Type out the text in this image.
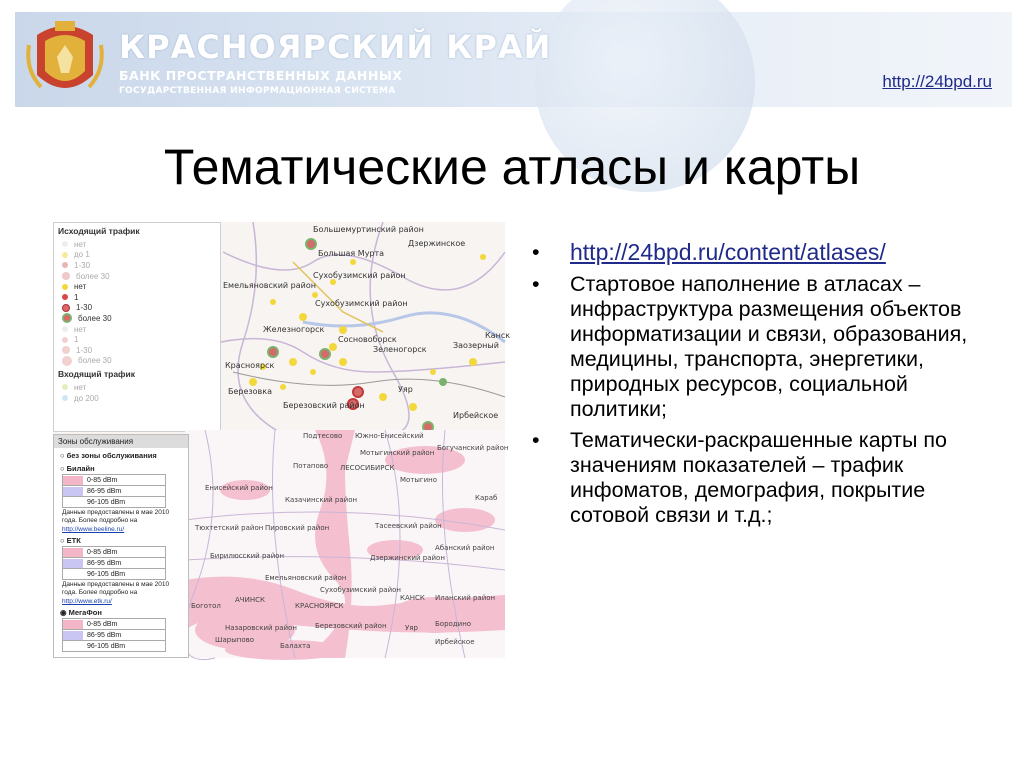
КРАСНОЯРСКИЙ КРАЙ
БАНК ПРОСТРАНСТВЕННЫХ ДАННЫХ
ГОСУДАРСТВЕННАЯ ИНФОРМАЦИОННАЯ СИСТЕМА	http://24bpd.ru
Тематические атласы и карты
Большемуртинский район
Большая Мурта
Дзержинское
Сухобузимский район
Емельяновский район
Сухобузимский район
Железногорск
Зеленогорск	Заозерный
Красноярск
Сосновоборск
Березовский район
Березовка	Уяр
Ирбейское
Канск
Исходящий трафик
нет
до 1
1-30
более 30
нет
1
1-30
более 30
нет
1
1-30
более 30
Входящий трафик
нет
до 200
Подтесово Южно-Енисейский
Богучанский район
Мотыгинский район
Потапово ЛЕСОСИБИРСК
Мотыгино
Казачинский район
Енисейский район
Тасеевский район
Абанский район
Пировский район
Бирилюсский район	Дзержинский район
Емельяновский район
Сухобузимский район
КРАСНОЯРСК
КАНСК Иланский район
Боготол
АЧИНСК
Назаровский район
Шарыпово
Балахта
Березовский район	Уяр
Ирбейское
Бородино
Тюхтетский район
Караб
Зоны обслуживания
○ без зоны обслуживания
○ Билайн
0-85 dBm
86-95 dBm
96-105 dBm
Данные предоставлены в мае 2010 года. Более подробно на
http://www.beeline.ru/
○ ЕТК
0-85 dBm
86-95 dBm
96-105 dBm
Данные предоставлены в мае 2010 года. Более подробно на
http://www.etk.ru/
◉ МегаФон
0-85 dBm
86-95 dBm
96-105 dBm
• http://24bpd.ru/content/atlases/
• Стартовое наполнение в атласах – инфраструктура размещения объектов информатизации и связи, образования, медицины, транспорта, энергетики, природных ресурсов, социальной политики;
• Тематически-раскрашенные карты по значениям показателей – трафик инфоматов, демография, покрытие сотовой связи и т.д.;
